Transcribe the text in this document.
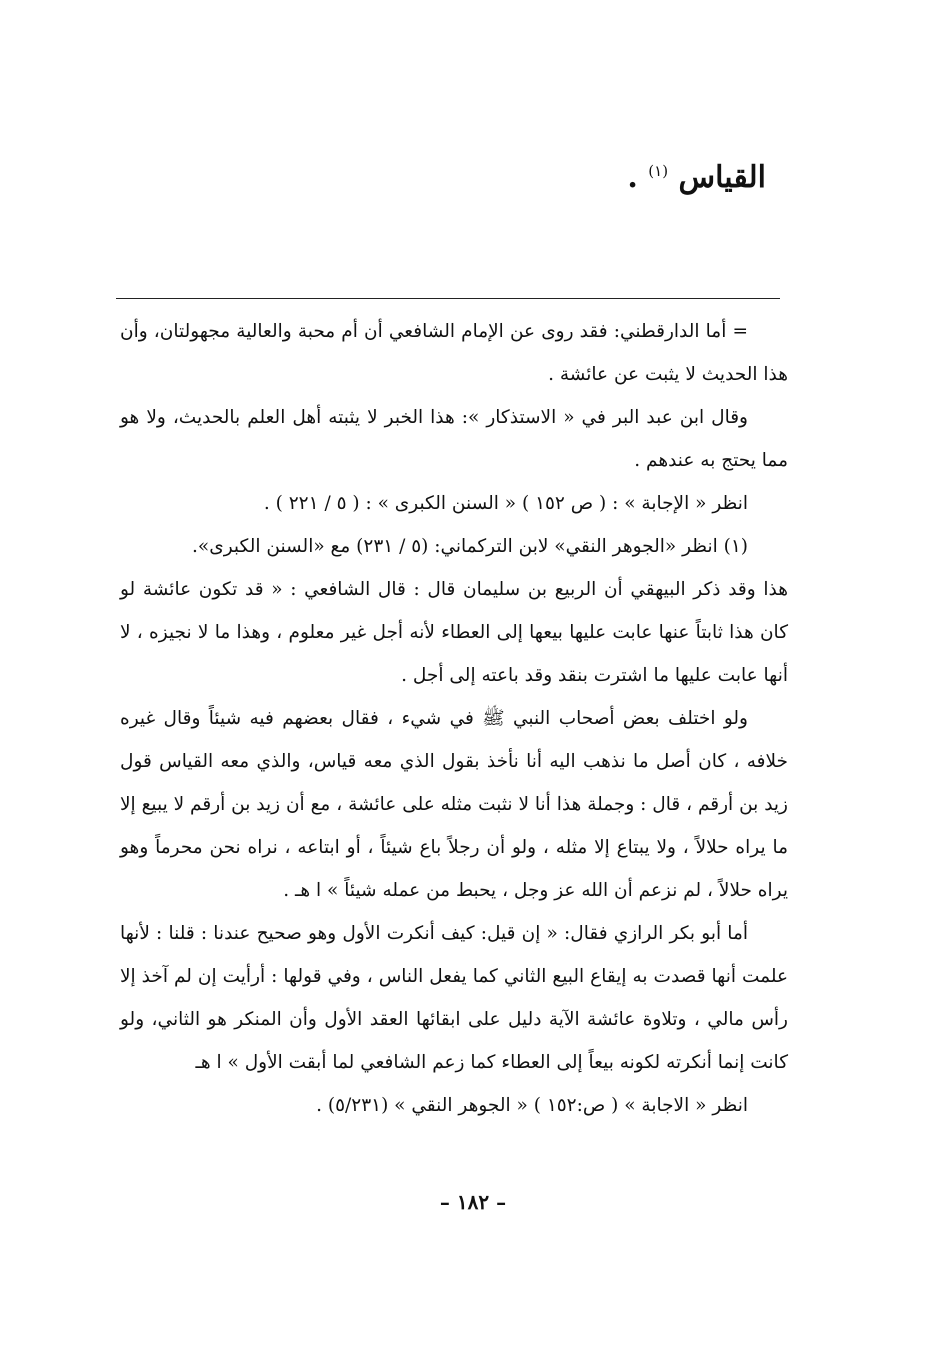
القياس $^{(١)}$ .

= أما الدارقطني: فقد روى عن الإمام الشافعي أن أم محبة والعالية مجهولتان، وأن هذا الحديث لا يثبت عن عائشة .

وقال ابن عبد البر في « الاستذكار »: هذا الخبر لا يثبته أهل العلم بالحديث، ولا هو مما يحتج به عندهم .

انظر « الإجابة » : ( ص ١٥٢ ) « السنن الكبرى » : ( ٥ / ٢٢١ ) .

(١) انظر «الجوهر النقي» لابن التركماني: (٥ / ٢٣١) مع «السنن الكبرى».

هذا وقد ذكر البيهقي أن الربيع بن سليمان قال : قال الشافعي : « قد تكون عائشة لو كان هذا ثابتاً عنها عابت عليها بيعها إلى العطاء لأنه أجل غير معلوم ، وهذا ما لا نجيزه ، لا أنها عابت عليها ما اشترت بنقد وقد باعته إلى أجل .

ولو اختلف بعض أصحاب النبي ﷺ في شيء ، فقال بعضهم فيه شيئاً وقال غيره خلافه ، كان أصل ما نذهب اليه أنا نأخذ بقول الذي معه قياس، والذي معه القياس قول زيد بن أرقم ، قال : وجملة هذا أنا لا نثبت مثله على عائشة ، مع أن زيد بن أرقم لا يبيع إلا ما يراه حلالاً ، ولا يبتاع إلا مثله ، ولو أن رجلاً باع شيئاً ، أو ابتاعه ، نراه نحن محرماً وهو يراه حلالاً ، لم نزعم أن الله عز وجل ، يحبط من عمله شيئاً » ا هـ .

أما أبو بكر الرازي فقال: « إن قيل: كيف أنكرت الأول وهو صحيح عندنا : قلنا : لأنها علمت أنها قصدت به إيقاع البيع الثاني كما يفعل الناس ، وفي قولها : أرأيت إن لم آخذ إلا رأس مالي ، وتلاوة عائشة الآية دليل على ابقائها العقد الأول وأن المنكر هو الثاني، ولو كانت إنما أنكرته لكونه بيعاً إلى العطاء كما زعم الشافعي لما أبقت الأول » ا هـ

انظر « الاجابة » ( ص:١٥٢ ) « الجوهر النقي » (٥/٢٣١) .

– ١٨٢ –
